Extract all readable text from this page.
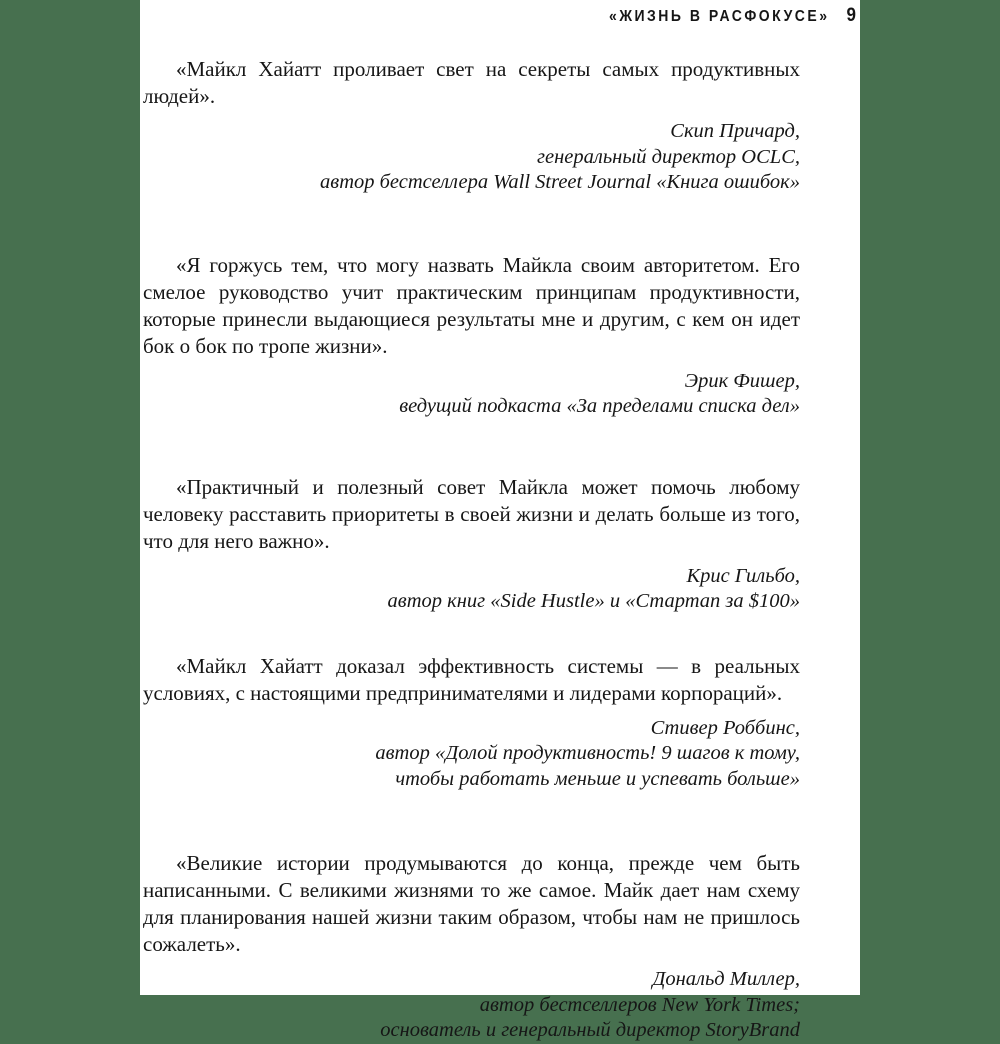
«ЖИЗНЬ В РАСФОКУСЕ» 9

«Майкл Хайатт проливает свет на секреты самых продуктивных людей».

Скип Причард,
генеральный директор OCLC,
автор бестселлера Wall Street Journal «Книга ошибок»

«Я горжусь тем, что могу назвать Майкла своим авторитетом. Его смелое руководство учит практическим принципам продуктивности, которые принесли выдающиеся результаты мне и другим, с кем он идет бок о бок по тропе жизни».

Эрик Фишер,
ведущий подкаста «За пределами списка дел»

«Практичный и полезный совет Майкла может помочь любому человеку расставить приоритеты в своей жизни и делать больше из того, что для него важно».

Крис Гильбо,
автор книг «Side Hustle» и «Стартап за $100»

«Майкл Хайатт доказал эффективность системы — в реальных условиях, с настоящими предпринимателями и лидерами корпораций».

Стивер Роббинс,
автор «Долой продуктивность! 9 шагов к тому,
чтобы работать меньше и успевать больше»

«Великие истории продумываются до конца, прежде чем быть написанными. С великими жизнями то же самое. Майк дает нам схему для планирования нашей жизни таким образом, чтобы нам не пришлось сожалеть».

Дональд Миллер,
автор бестселлеров New York Times;
основатель и генеральный директор StoryBrand
